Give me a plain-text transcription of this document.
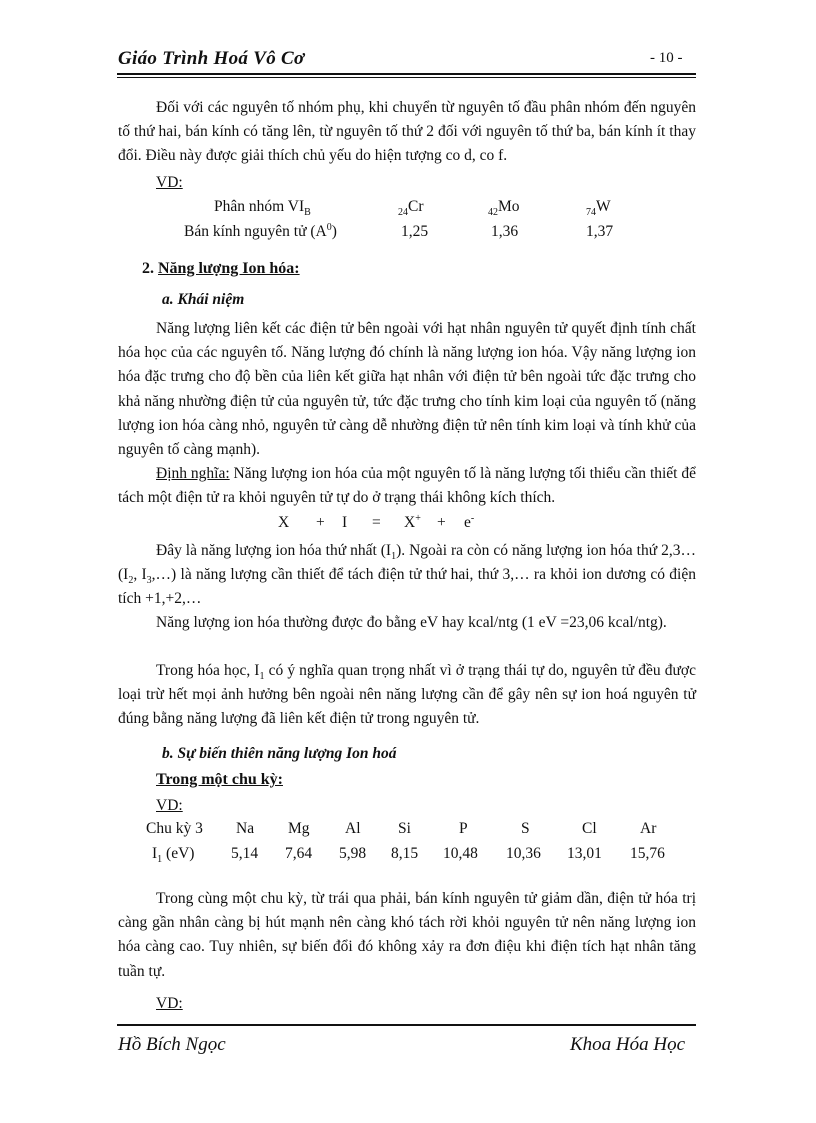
Giáo Trình Hoá Vô Cơ	- 10 -

Đối với các nguyên tố nhóm phụ, khi chuyển từ nguyên tố đầu phân nhóm đến nguyên tố thứ hai, bán kính có tăng lên, từ nguyên tố thứ 2 đối với nguyên tố thứ ba, bán kính ít thay đổi. Điều này được giải thích chủ yếu do hiện tượng co d, co f.

VD:
Phân nhóm $VI_B$	$_{24}$Cr	$_{42}$Mo	$_{74}$W
Bán kính nguyên tử $(A^0)$	1,25	1,36	1,37
2. Năng lượng Ion hóa:
a. Khái niệm

Năng lượng liên kết các điện tử bên ngoài với hạt nhân nguyên tử quyết định tính chất hóa học của các nguyên tố. Năng lượng đó chính là năng lượng ion hóa. Vậy năng lượng ion hóa đặc trưng cho độ bền của liên kết giữa hạt nhân với điện tử bên ngoài tức đặc trưng cho khả năng nhường điện tử của nguyên tử, tức đặc trưng cho tính kim loại của nguyên tố (năng lượng ion hóa càng nhỏ, nguyên tử càng dễ nhường điện tử nên tính kim loại và tính khử của nguyên tố càng mạnh).

Định nghĩa: Năng lượng ion hóa của một nguyên tố là năng lượng tối thiểu cần thiết để tách một điện tử ra khỏi nguyên tử tự do ở trạng thái không kích thích.

X + I = X+ + e-

Đây là năng lượng ion hóa thứ nhất $(I_1)$. Ngoài ra còn có năng lượng ion hóa thứ 2,3… ($I_2$, $I_3,\dots$) là năng lượng cần thiết để tách điện tử thứ hai, thứ 3,… ra khỏi ion dương có điện tích +1,+2,…

Năng lượng ion hóa thường được đo bằng eV hay kcal/ntg (1 eV =23,06 kcal/ntg).

Trong hóa học, $I_1$ có ý nghĩa quan trọng nhất vì ở trạng thái tự do, nguyên tử đều được loại trừ hết mọi ảnh hưởng bên ngoài nên năng lượng cần để gây nên sự ion hoá nguyên tử đúng bằng năng lượng đã liên kết điện tử trong nguyên tử.

b. Sự biến thiên năng lượng Ion hoá
Trong một chu kỳ:
VD:
Chu kỳ 3 Na Mg Al Si	P	S	Cl	Ar
$I_1$ (eV) 5,14 7,64 5,98 8,15 10,48 10,36 13,01 15,76

Trong cùng một chu kỳ, từ trái qua phải, bán kính nguyên tử giảm dần, điện tử hóa trị càng gần nhân càng bị hút mạnh nên càng khó tách rời khỏi nguyên tử nên năng lượng ion hóa càng cao. Tuy nhiên, sự biến đổi đó không xảy ra đơn điệu khi điện tích hạt nhân tăng tuần tự.

VD:
Hồ Bích Ngọc	Khoa Hóa Học
